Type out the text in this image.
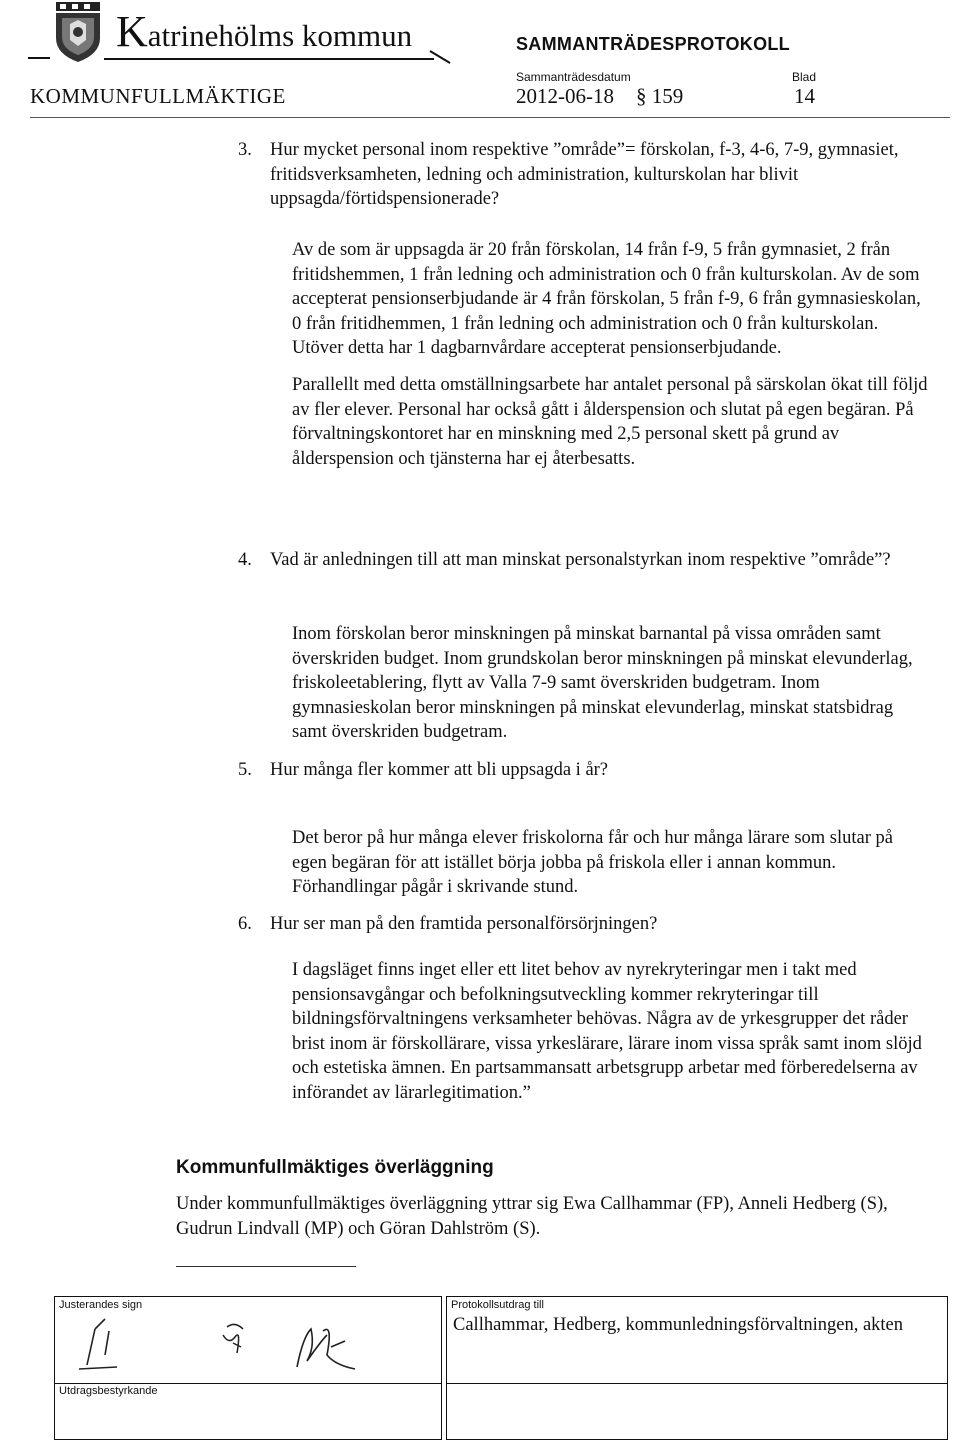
Katrinehölms kommun	SAMMANTRÄDESPROTOKOLL
Sammanträdesdatum	Blad
KOMMUNFULLMÄKTIGE	2012-06-18 § 159	14
3. Hur mycket personal inom respektive ”område”= förskolan, f-3, 4-6, 7-9, gymnasiet, fritidsverksamheten, ledning och administration, kulturskolan har blivit uppsagda/förtidspensionerade?

Av de som är uppsagda är 20 från förskolan, 14 från f-9, 5 från gymnasiet, 2 från fritidshemmen, 1 från ledning och administration och 0 från kulturskolan. Av de som accepterat pensionserbjudande är 4 från förskolan, 5 från f-9, 6 från gymnasieskolan, 0 från fritidhemmen, 1 från ledning och administration och 0 från kulturskolan. Utöver detta har 1 dagbarnvårdare accepterat pensionserbjudande.

Parallellt med detta omställningsarbete har antalet personal på särskolan ökat till följd av fler elever. Personal har också gått i ålderspension och slutat på egen begäran. På förvaltningskontoret har en minskning med 2,5 personal skett på grund av ålderspension och tjänsterna har ej återbesatts.

4. Vad är anledningen till att man minskat personalstyrkan inom respektive ”område”?

Inom förskolan beror minskningen på minskat barnantal på vissa områden samt överskriden budget. Inom grundskolan beror minskningen på minskat elevunderlag, friskoleetablering, flytt av Valla 7-9 samt överskriden budgetram. Inom gymnasieskolan beror minskningen på minskat elevunderlag, minskat statsbidrag samt överskriden budgetram.

5. Hur många fler kommer att bli uppsagda i år?

Det beror på hur många elever friskolorna får och hur många lärare som slutar på egen begäran för att istället börja jobba på friskola eller i annan kommun. Förhandlingar pågår i skrivande stund.

6. Hur ser man på den framtida personalförsörjningen?

I dagsläget finns inget eller ett litet behov av nyrekryteringar men i takt med pensionsavgångar och befolkningsutveckling kommer rekryteringar till bildningsförvaltningens verksamheter behövas. Några av de yrkesgrupper det råder brist inom är förskollärare, vissa yrkeslärare, lärare inom vissa språk samt inom slöjd och estetiska ämnen. En partsammansatt arbetsgrupp arbetar med förberedelserna av införandet av lärarlegitimation.”

Kommunfullmäktiges överläggning
Under kommunfullmäktiges överläggning yttrar sig Ewa Callhammar (FP), Anneli Hedberg (S), Gudrun Lindvall (MP) och Göran Dahlström (S).
Justerandes sign
Utdragsbestyrkande
Protokollsutdrag till
Callhammar, Hedberg, kommunledningsförvaltningen, akten
